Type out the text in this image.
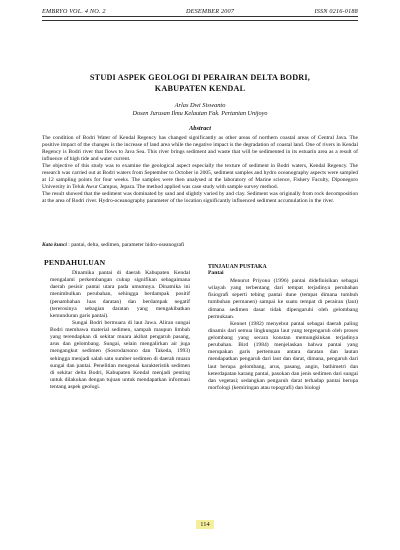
EMBRYO VOL. 4 NO. 2	DESEMBER 2007	ISSN 0216-0188
STUDI ASPEK GEOLOGI DI PERAIRAN DELTA BODRI,
KABUPATEN KENDAL
Arlas Dwi Siswanto
Dosen Jurusan Ilmu Kelautan Fak. Pertanian Unijoyo
Abstract

The condition of Bodri Water of Kendal Regency has changed significantly as other areas of northern coastal areas of Central Java. The positive impact of the changes is the increase of land area while the negative impact is the degradation of coastal land. One of rivers in Kendal Regency is Bodri river that flows to Java Sea. This river brings sediment and waste that will be sedimented in its estuarin area as a result of influence of high tide and water current.

The objective of this study was to examine the geological aspect especially the texture of sediment in Bodri waters, Kendal Regency. The research was carried out at Bodri waters from September to October in 2005, sediment samples and hydro oceanography aspects were sampled at 12 sampling points for four weeks. The samples were then analysed at the laboratory of Marine science, Fishery Faculty, Diponegoro University in Teluk Awur Campus, Jepara. The method applied was case study with sample survey method.

The result showed that the sediment was dominated by sand and slightly varied by and clay. Sediment was originally from rock decomposition at the area of Bodri river. Hydro-oceanography parameter of the location significantly influenced sediment accumulation in the river.

Kata kunci : pantai, delta, sedimen, parameter hidro-oseanografi
PENDAHULUAN

Dinamika pantai di daerah Kabupaten Kendal mengalami perkembangan cukup signifikan sebagaimana daerah pesisir pantai utara pada umumnya. Dinamika ini menimbulkan perubahan, sehingga berdampak positif (penambahan luas daratan) dan berdampak negatif (tererosinya sebagian daratan yang mengakibatkan kemunduran garis pantai).

Sungai Bodri bermuara di laut Jawa. Aliran sungai Bodri membawa material sedimen, sampah maupun limbah yang terendapkan di sekitar muara akibat pengaruh pasang, arus dan gelombang. Sungai, selain mengalirkan air juga mengangkut sedimen (Sosrodarsono dan Takeda, 1993) sehingga menjadi salah satu sumber sedimen di daerah muara sungai dan pantai. Penelitian mengenai karakteristik sedimen di sekitar delta Bodri, Kabupaten Kendal menjadi penting untuk dilakukan dengan tujuan untuk mendapatkan informasi tentang aspek geologi.

TINJAUAN PUSTAKA
Pantai

Menurut Priyono (1996) pantai didefinisikan sebagai wilayah yang terbentang dari tempat terjadinya perubahan fisiografi seperti tebing pantai dune (tempat dimana tumbuh tumbuhan permanen) sampai ke suatu tempat di perairan (laut) dimana sedimen dasar tidak dipengaruhi oleh gelombang permukaan.

Kennet (1982) menyebut pantai sebagai daerah paling dinamis dari semua lingkungan laut yang tergengaruh oleh proses gelombang yang secara konstan memungkinkan terjadinya perubahan. Bird (1984) menjelaskan bahwa pantai yang merupakan garis pertemuan antara daratan dan lautan mendapatkan pengaruh dari laut dan darat, dimana, pengaruh dari laut berupa gelombang, arus, pasang, angin, bathimetri dan keterdapatan karang pantai, pasokan dan jenis sedimen dari sungai dan vegetasi; sedangkan pengaruh darat terhadap pantai berupa morfologi (kemiringan atau topografi) dan biologi

114
